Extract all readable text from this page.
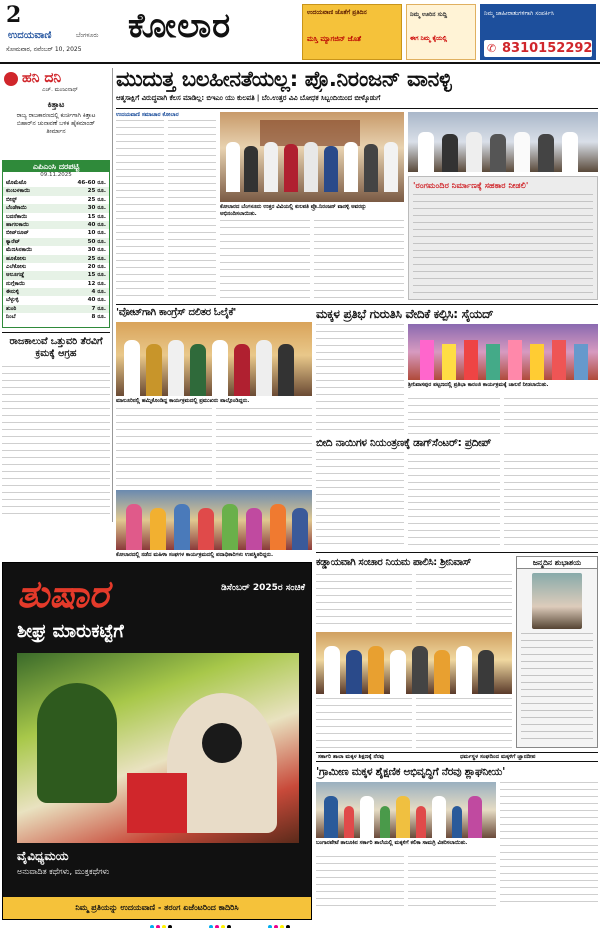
2
ಉದಯವಾಣಿ	ಬೆಂಗಳೂರು
ಸೋಮವಾರ, ನವೆಂಬರ್ 10, 2025
ಕೋಲಾರ	ಉದಯವಾಣಿ ಜೊತೆಗೆ ಪ್ರತಿದಿನ
ಮಸ್ತಿ ಮ್ಯಾಗಜಿನ್ ಜೊತೆ
ನಿಮ್ಮ ಊರಿನ ಸುದ್ದಿ
ಈಗ ನಿಮ್ಮ ಕೈಯಲ್ಲಿ
ನಿಮ್ಮ ಜಾಹೀರಾತುಗಳಿಗಾಗಿ ಸಂಪರ್ಕಿಸಿ
✆ 8310152292
ಹನಿ ದನಿ
ಎಚ್. ಮಂಜುನಾಥ್
ಕಿತ್ತಾಟ
ರಾಜ್ಯ ರಾಜಕಾರಣದಲ್ಲಿ ಕುರ್ಚಿಗಾಗಿ ಕಿತ್ತಾಟ ಬಿಹಾರ್‌ನ ಚುನಾವಣೆ ಬಳಿಕ ಹೈಕಮಾಂಡ್ ತೀರ್ಮಾನ
ಎಪಿಎಂಸಿ ದರಪಟ್ಟಿ
09.11.2025
ಟೊಮೆಟೊ	46-60 ರೂ.
ಕುಂಬಳಕಾಯಿ	25 ರೂ.
ಬೀನ್ಸ್	25 ರೂ.
ಬೆಂಡೆಕಾಯಿ	30 ರೂ.
ಬದನೆಕಾಯಿ	15 ರೂ.
ಹಾಗಲಕಾಯಿ	40 ರೂ.
ಬೀಟ್‌ರೂಟ್	10 ರೂ.
ಕ್ಯಾರೆಟ್	50 ರೂ.
ಮೆಣಸಿನಕಾಯಿ	30 ರೂ.
ಹೂಕೋಸು	25 ರೂ.
ಎಲೆಕೋಸು	20 ರೂ.
ಆಲೂಗಡ್ಡೆ	15 ರೂ.
ನುಗ್ಗೆಕಾಯಿ	12 ರೂ.
ಈರುಳ್ಳಿ	4 ರೂ.
ಬೆಳ್ಳುಳ್ಳಿ	40 ರೂ.
ಶುಂಠಿ	7 ರೂ.
ನಿಂಬೆ	8 ರೂ.
ರಾಜಕಾಲುವೆ ಒತ್ತುವರಿ ತೆರವಿಗೆ ಕ್ರಮಕ್ಕೆ ಆಗ್ರಹ
ಮುದುತ್ತ ಬಲಹೀನತೆಯಲ್ಲ: ಪ್ರೊ.ನಿರಂಜನ್ ವಾನಳ್ಳಿ
ಆತ್ಮಸಾಕ್ಷಿಗೆ ವಿರುದ್ಧವಾಗಿ ಕೆಲಸ ಮಾಡಿಲ್ಲ: ಬಿಇಎಂ ಯು ಕುಲಪತಿ | ಬೆಂ.ಉತ್ತರ ವಿವಿ ಬೋಧಕ ಸಿಬ್ಬಂದಿಯಿಂದ ಬೀಳ್ಕೊಡುಗೆ
ಉದಯವಾಣಿ ಸಮಾಚಾರ ಕೋಲಾರ
'ರಂಗಮಂದಿರ ನಿರ್ಮಾಣಕ್ಕೆ ಸಹಕಾರ ನೀಡಲಿ'
ಕೋಲಾರದ ಬೆಂಗಳೂರು ಉತ್ತರ ವಿವಿಯಲ್ಲಿ ಕುಲಪತಿ ಪ್ರೊ.ನಿರಂಜನ್ ವಾನಳ್ಳಿ ಅವರನ್ನು ಅಭಿನಂದಿಸಲಾಯಿತು.
'ವೋಟ್‌ಗಾಗಿ ಕಾಂಗ್ರೆಸ್ ದಲಿತರ ಓಲೈಕೆ'
ಮಾಲೂರಿನಲ್ಲಿ ಹಮ್ಮಿಕೊಂಡಿದ್ದ ಕಾರ್ಯಕ್ರಮದಲ್ಲಿ ಪ್ರಮುಖರು ಪಾಲ್ಗೊಂಡಿದ್ದರು.
ಮಕ್ಕಳ ಪ್ರತಿಭೆ ಗುರುತಿಸಿ ವೇದಿಕೆ ಕಲ್ಪಿಸಿ: ಸೈಯದ್
ಶ್ರೀನಿವಾಸಪುರ ಪಟ್ಟಣದಲ್ಲಿ ಪ್ರತಿಭಾ ಕಾರಂಜಿ ಕಾರ್ಯಕ್ರಮಕ್ಕೆ ಚಾಲನೆ ನೀಡಲಾಯಿತು.
ಬೀದಿ ನಾಯಿಗಳ ನಿಯಂತ್ರಣಕ್ಕೆ ಡಾಗ್‌ಸೆಂಟರ್: ಪ್ರದೀಪ್
ಕೋಲಾರದಲ್ಲಿ ನಡೆದ ಮಹಿಳಾ ಸಂಘಗಳ ಕಾರ್ಯಕ್ರಮದಲ್ಲಿ ಪದಾಧಿಕಾರಿಗಳು ಉಪಸ್ಥಿತರಿದ್ದರು.
ತುಷಾರ	ಡಿಸೆಂಬರ್ 2025ರ ಸಂಚಿಕೆ
ಶೀಘ್ರ ಮಾರುಕಟ್ಟೆಗೆ
ವೈವಿಧ್ಯಮಯ
ಅನುವಾದಿತ ಕಥೆಗಳು, ಮುಕ್ತಕಥೆಗಳು
ನಿಮ್ಮ ಪ್ರತಿಯನ್ನು ಉದಯವಾಣಿ - ತರಂಗ ಏಜೆಂಟರಿಂದ ಕಾದಿರಿಸಿ
ಕಡ್ಡಾಯವಾಗಿ ಸಂಚಾರ ನಿಯಮ ಪಾಲಿಸಿ: ಶ್ರೀನಿವಾಸ್	ಜನ್ಮದಿನ ಶುಭಾಶಯ
ಸರ್ಕಾರಿ ಶಾಲಾ ಮಕ್ಕಳ ಶಿಕ್ಷಣಕ್ಕೆ ನೆರವು	ಧರ್ಮಸ್ಥಳ ಸಂಘದಿಂದ ಮಕ್ಕಳಿಗೆ ಜ್ಞಾನದೀಪ
'ಗ್ರಾಮೀಣ ಮಕ್ಕಳ ಶೈಕ್ಷಣಿಕ ಅಭಿವೃದ್ಧಿಗೆ ನೆರವು ಶ್ಲಾಘನೀಯ'
ಬಂಗಾರಪೇಟೆ ತಾಲೂಕಿನ ಸರ್ಕಾರಿ ಶಾಲೆಯಲ್ಲಿ ಮಕ್ಕಳಿಗೆ ಕಲಿಕಾ ಸಾಮಗ್ರಿ ವಿತರಿಸಲಾಯಿತು.
